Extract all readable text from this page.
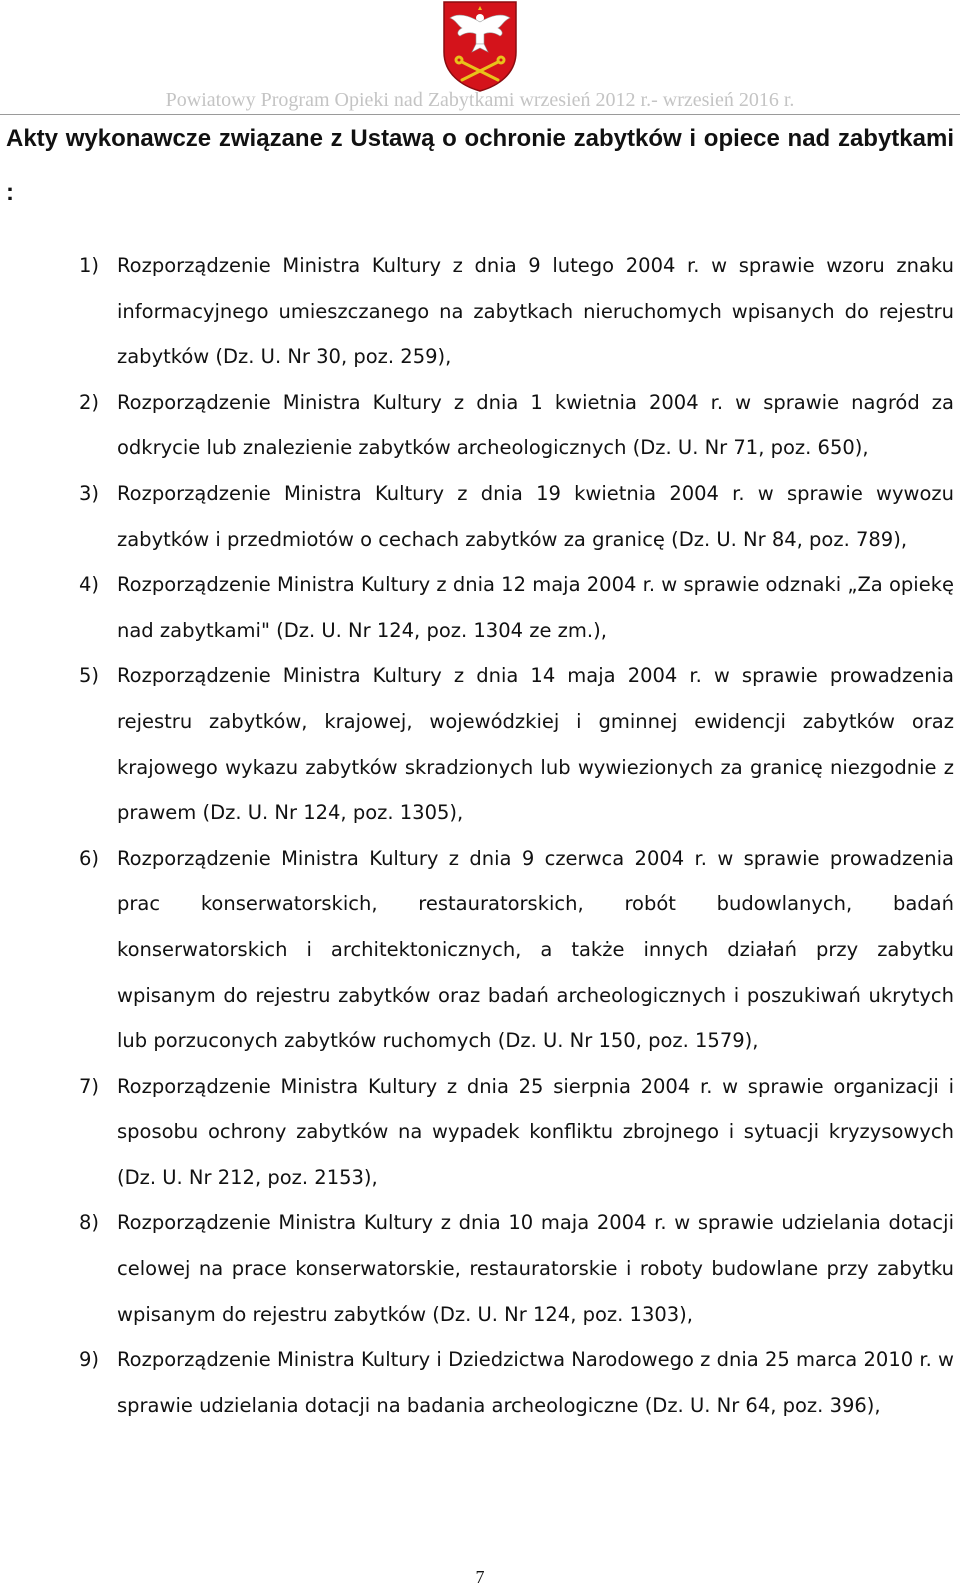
Powiatowy Program Opieki nad Zabytkami wrzesień 2012 r.- wrzesień 2016 r.

Akty wykonawcze związane z Ustawą o ochronie zabytków i opiece nad zabytkami :
1) Rozporządzenie Ministra Kultury z dnia 9 lutego 2004 r. w sprawie wzoru znaku informacyjnego umieszczanego na zabytkach nieruchomych wpisanych do rejestru zabytków (Dz. U. Nr 30, poz. 259),
2) Rozporządzenie Ministra Kultury z dnia 1 kwietnia 2004 r. w sprawie nagród za odkrycie lub znalezienie zabytków archeologicznych (Dz. U. Nr 71, poz. 650),
3) Rozporządzenie Ministra Kultury z dnia 19 kwietnia 2004 r. w sprawie wywozu zabytków i przedmiotów o cechach zabytków za granicę (Dz. U. Nr 84, poz. 789),
4) Rozporządzenie Ministra Kultury z dnia 12 maja 2004 r. w sprawie odznaki „Za opiekę nad zabytkami" (Dz. U. Nr 124, poz. 1304 ze zm.),
5) Rozporządzenie Ministra Kultury z dnia 14 maja 2004 r. w sprawie prowadzenia rejestru zabytków, krajowej, wojewódzkiej i gminnej ewidencji zabytków oraz krajowego wykazu zabytków skradzionych lub wywiezionych za granicę niezgodnie z prawem (Dz. U. Nr 124, poz. 1305),
6) Rozporządzenie Ministra Kultury z dnia 9 czerwca 2004 r. w sprawie prowadzenia prac konserwatorskich, restauratorskich, robót budowlanych, badań konserwatorskich i architektonicznych, a także innych działań przy zabytku wpisanym do rejestru zabytków oraz badań archeologicznych i poszukiwań ukrytych lub porzuconych zabytków ruchomych (Dz. U. Nr 150, poz. 1579),
7) Rozporządzenie Ministra Kultury z dnia 25 sierpnia 2004 r. w sprawie organizacji i sposobu ochrony zabytków na wypadek konfliktu zbrojnego i sytuacji kryzysowych (Dz. U. Nr 212, poz. 2153),
8) Rozporządzenie Ministra Kultury z dnia 10 maja 2004 r. w sprawie udzielania dotacji celowej na prace konserwatorskie, restauratorskie i roboty budowlane przy zabytku wpisanym do rejestru zabytków (Dz. U. Nr 124, poz. 1303),
9) Rozporządzenie Ministra Kultury i Dziedzictwa Narodowego z dnia 25 marca 2010 r. w sprawie udzielania dotacji na badania archeologiczne (Dz. U. Nr 64, poz. 396),

7
